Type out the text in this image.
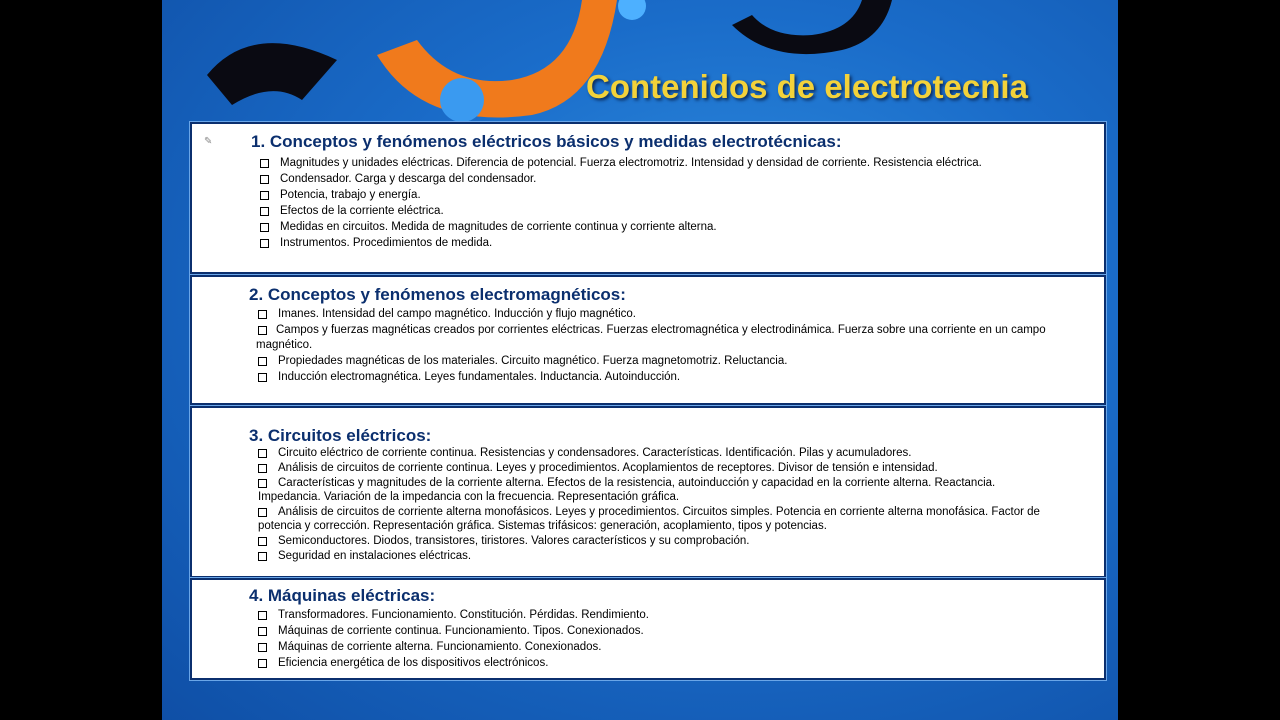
Contenidos de electrotecnia
✎ 1. Conceptos y fenómenos eléctricos básicos y medidas electrotécnicas:
Magnitudes y unidades eléctricas. Diferencia de potencial. Fuerza electromotriz. Intensidad y densidad de corriente. Resistencia eléctrica.
Condensador. Carga y descarga del condensador.
Potencia, trabajo y energía.
Efectos de la corriente eléctrica.
Medidas en circuitos. Medida de magnitudes de corriente continua y corriente alterna.
Instrumentos. Procedimientos de medida.
2. Conceptos y fenómenos electromagnéticos:
Imanes. Intensidad del campo magnético. Inducción y flujo magnético.
Campos y fuerzas magnéticas creados por corrientes eléctricas. Fuerzas electromagnética y electrodinámica. Fuerza sobre una corriente en un campo magnético.
Propiedades magnéticas de los materiales. Circuito magnético. Fuerza magnetomotriz. Reluctancia.
Inducción electromagnética. Leyes fundamentales. Inductancia. Autoinducción.
3. Circuitos eléctricos:
Circuito eléctrico de corriente continua. Resistencias y condensadores. Características. Identificación. Pilas y acumuladores.
Análisis de circuitos de corriente continua. Leyes y procedimientos. Acoplamientos de receptores. Divisor de tensión e intensidad.
Características y magnitudes de la corriente alterna. Efectos de la resistencia, autoinducción y capacidad en la corriente alterna. Reactancia. Impedancia. Variación de la impedancia con la frecuencia. Representación gráfica.
Análisis de circuitos de corriente alterna monofásicos. Leyes y procedimientos. Circuitos simples. Potencia en corriente alterna monofásica. Factor de potencia y corrección. Representación gráfica. Sistemas trifásicos: generación, acoplamiento, tipos y potencias.
Semiconductores. Diodos, transistores, tiristores. Valores característicos y su comprobación.
Seguridad en instalaciones eléctricas.
4. Máquinas eléctricas:
Transformadores. Funcionamiento. Constitución. Pérdidas. Rendimiento.
Máquinas de corriente continua. Funcionamiento. Tipos. Conexionados.
Máquinas de corriente alterna. Funcionamiento. Conexionados.
Eficiencia energética de los dispositivos electrónicos.
